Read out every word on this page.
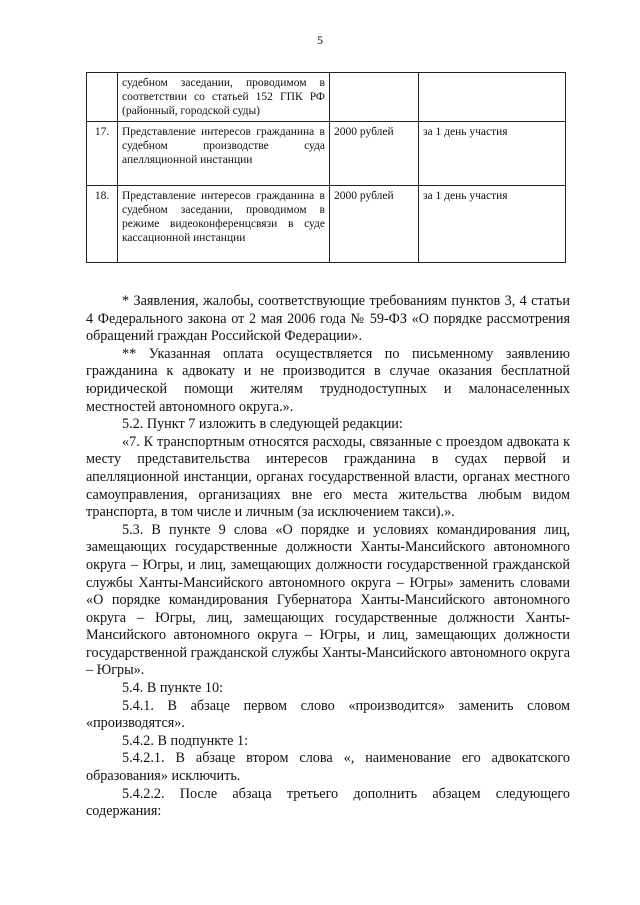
5
	судебном заседании, проводимом в соответствии со статьей 152 ГПК РФ (районный, городской суды)		
17.	Представление интересов гражданина в судебном производстве суда апелляционной инстанции	2000 рублей	за 1 день участия
18.	Представление интересов гражданина в судебном заседании, проводимом в режиме видеоконференцсвязи в суде кассационной инстанции	2000 рублей	за 1 день участия

* Заявления, жалобы, соответствующие требованиям пунктов 3, 4 статьи 4 Федерального закона от 2 мая 2006 года № 59-ФЗ «О порядке рассмотрения обращений граждан Российской Федерации».

** Указанная оплата осуществляется по письменному заявлению гражданина к адвокату и не производится в случае оказания бесплатной юридической помощи жителям труднодоступных и малонаселенных местностей автономного округа.».

5.2. Пункт 7 изложить в следующей редакции:

«7. К транспортным относятся расходы, связанные с проездом адвоката к месту представительства интересов гражданина в судах первой и апелляционной инстанции, органах государственной власти, органах местного самоуправления, организациях вне его места жительства любым видом транспорта, в том числе и личным (за исключением такси).».

5.3. В пункте 9 слова «О порядке и условиях командирования лиц, замещающих государственные должности Ханты-Мансийского автономного округа – Югры, и лиц, замещающих должности государственной гражданской службы Ханты-Мансийского автономного округа – Югры» заменить словами «О порядке командирования Губернатора Ханты-Мансийского автономного округа – Югры, лиц, замещающих государственные должности Ханты-Мансийского автономного округа – Югры, и лиц, замещающих должности государственной гражданской службы Ханты-Мансийского автономного округа – Югры».

5.4. В пункте 10:

5.4.1. В абзаце первом слово «производится» заменить словом «производятся».

5.4.2. В подпункте 1:

5.4.2.1. В абзаце втором слова «, наименование его адвокатского образования» исключить.

5.4.2.2. После абзаца третьего дополнить абзацем следующего содержания:
